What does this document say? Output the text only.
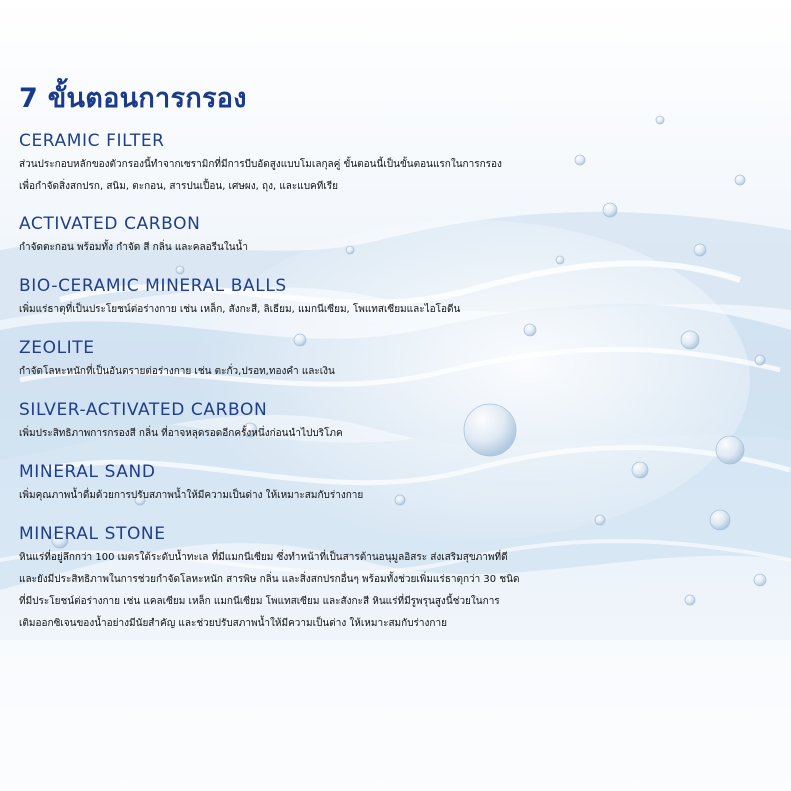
7 ขั้นตอนการกรอง
CERAMIC FILTER
ส่วนประกอบหลักของตัวกรองนี้ทำจากเซรามิกที่มีการบีบอัดสูงแบบโมเลกุลคู่ ขั้นตอนนี้เป็นขั้นตอนแรกในการกรอง
เพื่อกำจัดสิ่งสกปรก, สนิม, ตะกอน, สารปนเปื้อน, เศษผง, ถุง, และแบคทีเรีย
ACTIVATED CARBON
กำจัดตะกอน พร้อมทั้ง กำจัด สี กลิ่น และคลอรีนในน้ำ
BIO-CERAMIC MINERAL BALLS
เพิ่มแร่ธาตุที่เป็นประโยชน์ต่อร่างกาย เช่น เหล็ก, สังกะสี, ลิเธียม, แมกนีเซียม, โพแทสเซียมและไอโอดีน
ZEOLITE
กำจัดโลหะหนักที่เป็นอันตรายต่อร่างกาย เช่น ตะกั่ว,ปรอท,ทองคำ และเงิน
SILVER-ACTIVATED CARBON
เพิ่มประสิทธิภาพการกรองสี กลิ่น ที่อาจหลุดรอดอีกครั้งหนึ่งก่อนนำไปบริโภค
MINERAL SAND
เพิ่มคุณภาพน้ำดื่มด้วยการปรับสภาพน้ำให้มีความเป็นด่าง ให้เหมาะสมกับร่างกาย
MINERAL STONE
หินแร่ที่อยู่ลึกกว่า 100 เมตรใต้ระดับน้ำทะเล ที่มีแมกนีเซียม ซึ่งทำหน้าที่เป็นสารต้านอนุมูลอิสระ ส่งเสริมสุขภาพที่ดี
และยังมีประสิทธิภาพในการช่วยกำจัดโลหะหนัก สารพิษ กลิ่น และสิ่งสกปรกอื่นๆ พร้อมทั้งช่วยเพิ่มแร่ธาตุกว่า 30 ชนิด
ที่มีประโยชน์ต่อร่างกาย เช่น แคลเซียม เหล็ก แมกนีเซียม โพแทสเซียม และสังกะสี หินแร่ที่มีรูพรุนสูงนี้ช่วยในการ
เติมออกซิเจนของน้ำอย่างมีนัยสำคัญ และช่วยปรับสภาพน้ำให้มีความเป็นด่าง ให้เหมาะสมกับร่างกาย
